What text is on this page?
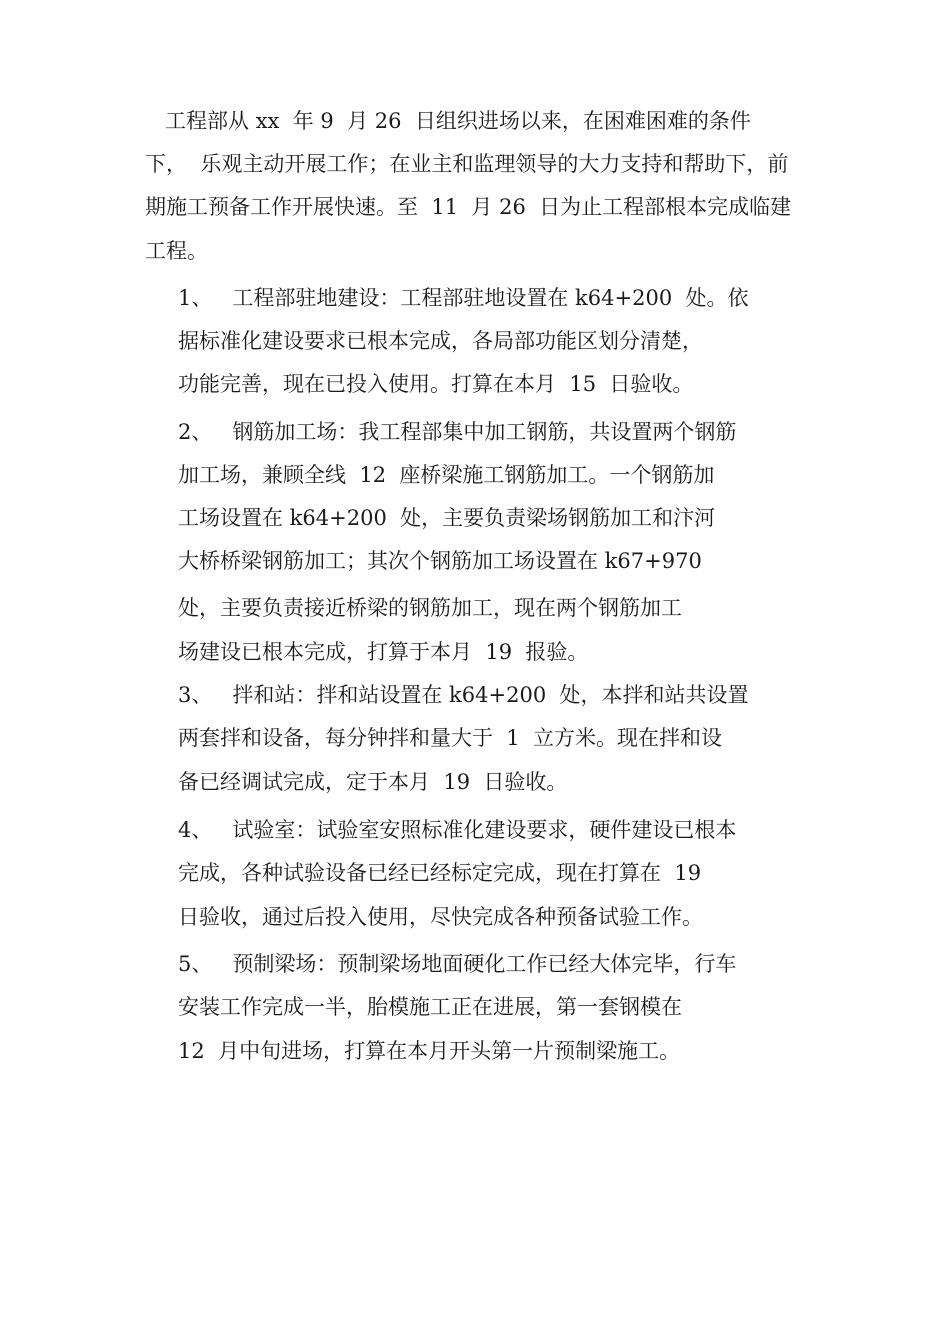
工程部从 xx  年 9  月 26  日组织进场以来，在困难困难的条件

下，  乐观主动开展工作；在业主和监理领导的大力支持和帮助下，前

期施工预备工作开展快速。至  11  月 26  日为止工程部根本完成临建

工程。

1、   工程部驻地建设：工程部驻地设置在 k64+200  处。依

据标准化建设要求已根本完成，各局部功能区划分清楚，

功能完善，现在已投入使用。打算在本月  15  日验收。

2、   钢筋加工场：我工程部集中加工钢筋，共设置两个钢筋

加工场，兼顾全线  12  座桥梁施工钢筋加工。一个钢筋加

工场设置在 k64+200  处，主要负责梁场钢筋加工和汴河

大桥桥梁钢筋加工；其次个钢筋加工场设置在 k67+970

处，主要负责接近桥梁的钢筋加工，现在两个钢筋加工

场建设已根本完成，打算于本月  19  报验。

3、   拌和站：拌和站设置在 k64+200  处，本拌和站共设置

两套拌和设备，每分钟拌和量大于  1  立方米。现在拌和设

备已经调试完成，定于本月  19  日验收。

4、   试验室：试验室安照标准化建设要求，硬件建设已根本

完成，各种试验设备已经已经标定完成，现在打算在  19

日验收，通过后投入使用，尽快完成各种预备试验工作。

5、   预制梁场：预制梁场地面硬化工作已经大体完毕，行车

安装工作完成一半，胎模施工正在进展，第一套钢模在

12  月中旬进场，打算在本月开头第一片预制梁施工。
